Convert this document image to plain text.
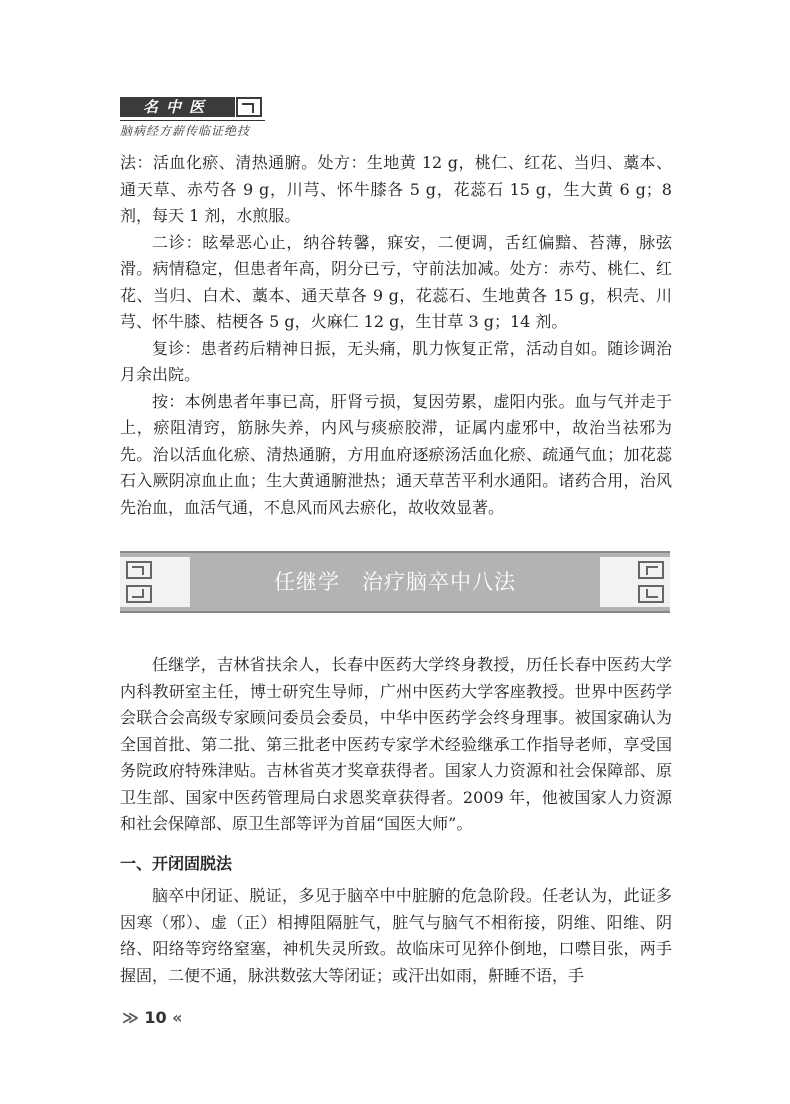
名中医
脑病经方薪传临证绝技

法：活血化瘀、清热通腑。处方：生地黄 12 g，桃仁、红花、当归、藁本、通天草、赤芍各 9 g，川芎、怀牛膝各 5 g，花蕊石 15 g，生大黄 6 g；8 剂，每天 1 剂，水煎服。

二诊：眩晕恶心止，纳谷转馨，寐安，二便调，舌红偏黯、苔薄，脉弦滑。病情稳定，但患者年高，阴分已亏，守前法加减。处方：赤芍、桃仁、红花、当归、白术、藁本、通天草各 9 g，花蕊石、生地黄各 15 g，枳壳、川芎、怀牛膝、桔梗各 5 g，火麻仁 12 g，生甘草 3 g；14 剂。

复诊：患者药后精神日振，无头痛，肌力恢复正常，活动自如。随诊调治月余出院。

按：本例患者年事已高，肝肾亏损，复因劳累，虚阳内张。血与气并走于上，瘀阻清窍，筋脉失养，内风与痰瘀胶滞，证属内虚邪中，故治当祛邪为先。治以活血化瘀、清热通腑，方用血府逐瘀汤活血化瘀、疏通气血；加花蕊石入厥阴凉血止血；生大黄通腑泄热；通天草苦平利水通阳。诸药合用，治风先治血，血活气通，不息风而风去瘀化，故收效显著。

任继学　治疗脑卒中八法

任继学，吉林省扶余人，长春中医药大学终身教授，历任长春中医药大学内科教研室主任，博士研究生导师，广州中医药大学客座教授。世界中医药学会联合会高级专家顾问委员会委员，中华中医药学会终身理事。被国家确认为全国首批、第二批、第三批老中医药专家学术经验继承工作指导老师，享受国务院政府特殊津贴。吉林省英才奖章获得者。国家人力资源和社会保障部、原卫生部、国家中医药管理局白求恩奖章获得者。2009 年，他被国家人力资源和社会保障部、原卫生部等评为首届“国医大师”。

一、开闭固脱法

脑卒中闭证、脱证，多见于脑卒中中脏腑的危急阶段。任老认为，此证多因寒（邪）、虚（正）相搏阻隔脏气，脏气与脑气不相衔接，阴维、阳维、阴络、阳络等窍络窒塞，神机失灵所致。故临床可见猝仆倒地，口噤目张，两手握固，二便不通，脉洪数弦大等闭证；或汗出如雨，鼾睡不语，手

≫ 10 «
